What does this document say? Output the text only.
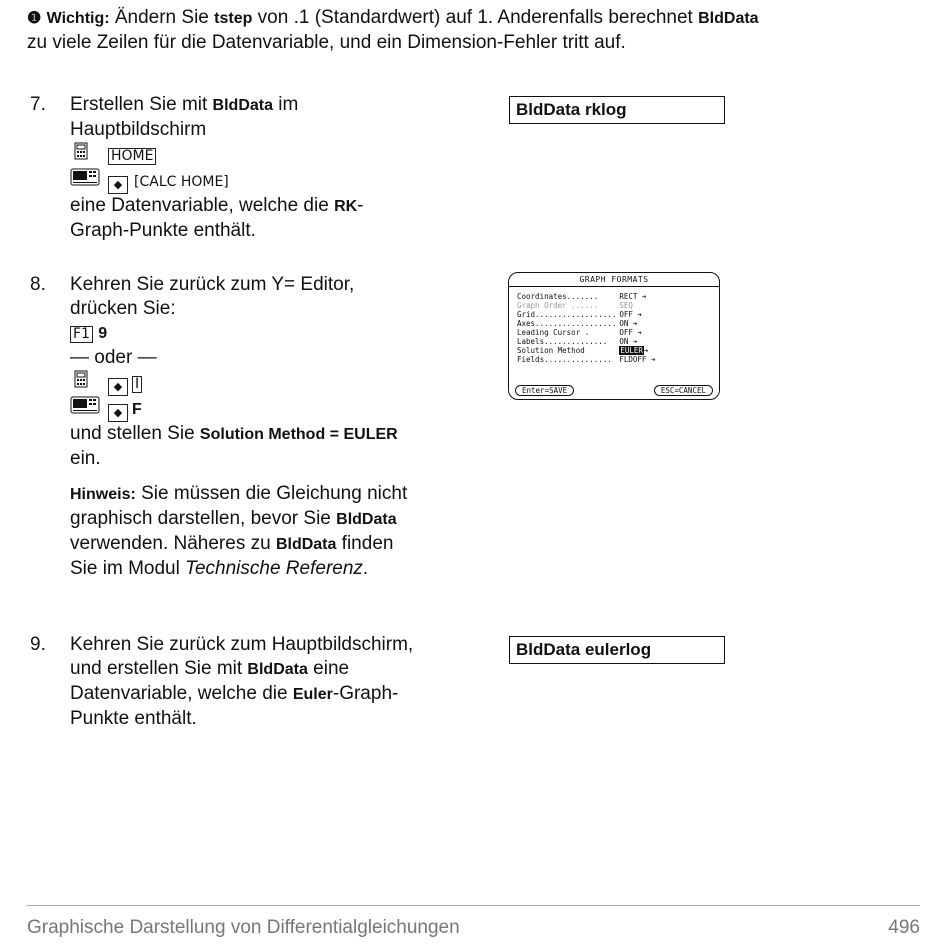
❶ Wichtig: Ändern Sie tstep von .1 (Standardwert) auf 1. Anderenfalls berechnet BldData
zu viele Zeilen für die Datenvariable, und ein Dimension-Fehler tritt auf.
7. Erstellen Sie mit BldData im
Hauptbildschirm
HOME
◆ [CALC HOME]
eine Datenvariable, welche die RK-
Graph-Punkte enthält.
BldData rklog
8. Kehren Sie zurück zum Y= Editor,
drücken Sie:
F1 9
— oder —
◆ I
◆ F
und stellen Sie Solution Method = EULER
ein.
Hinweis: Sie müssen die Gleichung nicht
graphisch darstellen, bevor Sie BldData
verwenden. Näheres zu BldData finden
Sie im Modul Technische Referenz.
GRAPH FORMATS
Coordinates.......	RECT ➔
Graph Order ......	SEQ
Grid..................	OFF ➔
Axes..................	ON ➔
Leading Cursor .	OFF ➔
Labels..............	ON ➔
Solution Method	EULER➔
Fields...............	FLDOFF ➔
Enter=SAVE	ESC=CANCEL
9. Kehren Sie zurück zum Hauptbildschirm,
und erstellen Sie mit BldData eine
Datenvariable, welche die Euler-Graph-
Punkte enthält.
BldData eulerlog
Graphische Darstellung von Differentialgleichungen	496
